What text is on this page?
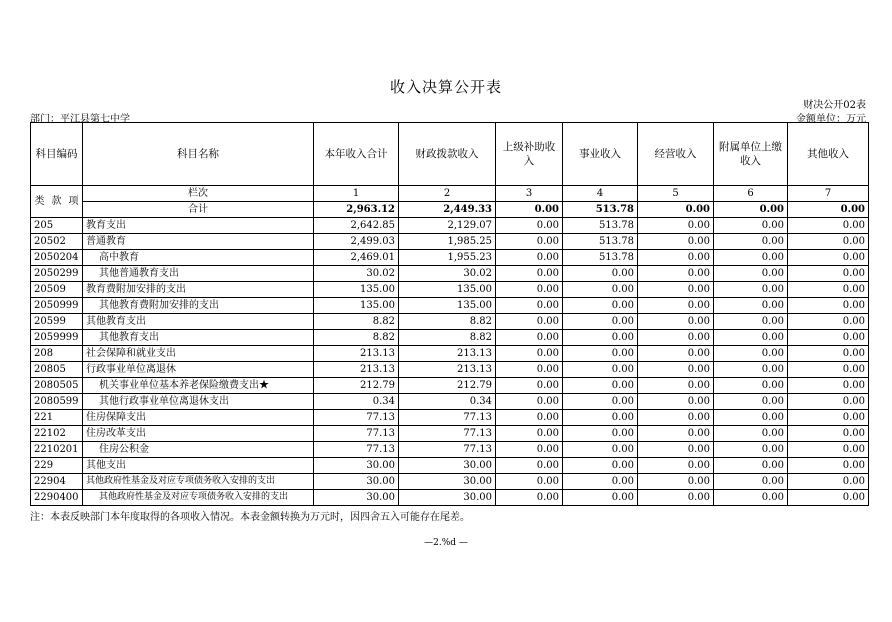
收入决算公开表
财决公开02表
部门：平江县第七中学	金额单位：万元
科目编码	科目名称	本年收入合计	财政拨款收入	上级补助收入	事业收入	经营收入	附属单位上缴收入	其他收入

类 款 项	栏次	1	2	3	4	5	6	7
	合计	2,963.12	2,449.33	0.00	513.78	0.00	0.00	0.00
205	教育支出	2,642.85	2,129.07	0.00	513.78	0.00	0.00	0.00
20502	普通教育	2,499.03	1,985.25	0.00	513.78	0.00	0.00	0.00
2050204	高中教育	2,469.01	1,955.23	0.00	513.78	0.00	0.00	0.00
2050299	其他普通教育支出	30.02	30.02	0.00	0.00	0.00	0.00	0.00
20509	教育费附加安排的支出	135.00	135.00	0.00	0.00	0.00	0.00	0.00
2050999	其他教育费附加安排的支出	135.00	135.00	0.00	0.00	0.00	0.00	0.00
20599	其他教育支出	8.82	8.82	0.00	0.00	0.00	0.00	0.00
2059999	其他教育支出	8.82	8.82	0.00	0.00	0.00	0.00	0.00
208	社会保障和就业支出	213.13	213.13	0.00	0.00	0.00	0.00	0.00
20805	行政事业单位离退休	213.13	213.13	0.00	0.00	0.00	0.00	0.00
2080505	机关事业单位基本养老保险缴费支出★	212.79	212.79	0.00	0.00	0.00	0.00	0.00
2080599	其他行政事业单位离退休支出	0.34	0.34	0.00	0.00	0.00	0.00	0.00
221	住房保障支出	77.13	77.13	0.00	0.00	0.00	0.00	0.00
22102	住房改革支出	77.13	77.13	0.00	0.00	0.00	0.00	0.00
2210201	住房公积金	77.13	77.13	0.00	0.00	0.00	0.00	0.00
229	其他支出	30.00	30.00	0.00	0.00	0.00	0.00	0.00
22904	其他政府性基金及对应专项债务收入安排的支出	30.00	30.00	0.00	0.00	0.00	0.00	0.00
2290400	其他政府性基金及对应专项债务收入安排的支出	30.00	30.00	0.00	0.00	0.00	0.00	0.00
注：本表反映部门本年度取得的各项收入情况。本表金额转换为万元时，因四舍五入可能存在尾差。
—2.%d —
